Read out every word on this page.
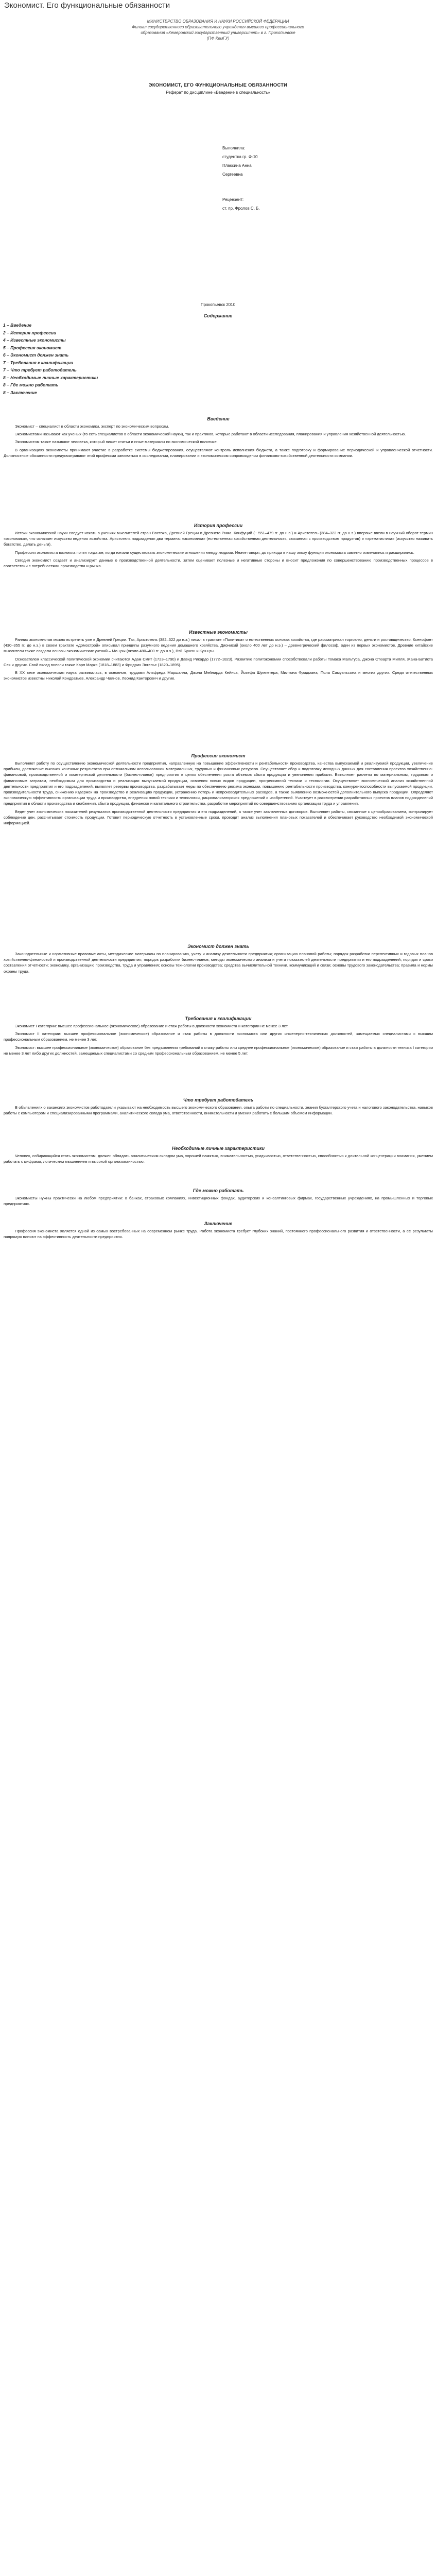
Экономист. Его функциональные обязанности
МИНИСТЕРСТВО ОБРАЗОВАНИЯ И НАУКИ РОССИЙСКОЙ ФЕДЕРАЦИИ
Филиал государственного образовательного учреждения высшего профессионального
образования «Кемеровский государственный университет» в г. Прокопьевске
(ПФ КемГУ)
ЭКОНОМИСТ, ЕГО ФУНКЦИОНАЛЬНЫЕ ОБЯЗАННОСТИ
Реферат по дисциплине «Введение в специальность»
Выполнила:
студентка гр. Ф-10
Плаксина Анна
Сергеевна
Рецензент:
ст. пр. Фролов С. Б.
Прокопьевск 2010
Содержание
1 – Введение
2 – История профессии
4 – Известные экономисты
5 – Профессия экономист
6 – Экономист должен знать
7 – Требования к квалификации
7 – Что требует работодатель
8 – Необходимые личные характеристики
8 – Где можно работать
8 – Заключение
Введение

Экономист – специалист в области экономики, эксперт по экономическим вопросам.

Экономистами называют как учёных (то есть специалистов в области экономической науки), так и практиков, которые работают в области исследования, планирования и управления хозяйственной деятельностью.

Экономистом также называют человека, который пишет статьи и иные материалы по экономической политике.

В организациях экономисты принимают участие в разработке системы бюджетирования, осуществляют контроль исполнения бюджета, а также подготовку и формирование периодической и управленческой отчетности. Должностные обязанности предусматривают этой профессии заниматься в исследовании, планировании и экономическом сопровождении финансово-хозяйственной деятельности компании.

История профессии

Истоки экономической науки следует искать в учениях мыслителей стран Востока, Древней Греции и Древнего Рима. Конфуций (~ 551–479 гг. до н.э.) и Аристотель (384–322 гг. до н.э.) впервые ввели в научный оборот термин «экономика», что означает искусство ведения хозяйства. Аристотель подразделял два термина: «экономика» (естественная хозяйственная деятельность, связанная с производством продуктов) и «хрематистика» (искусство наживать богатство, делать деньги).

Профессия экономиста возникла почти тогда же, когда начали существовать экономические отношения между людьми. Иначе говоря, до прихода в нашу эпоху функции экономиста заметно изменились и расширились.

Сегодня экономист создаёт и анализирует данные о производственной деятельности, затем оценивает полезные и негативные стороны и вносит предложения по совершенствованию производственных процессов в соответствии с потребностями производства и рынка.

Известные экономисты

Ранних экономистов можно встретить уже в Древней Греции. Так, Аристотель (382–322 до н.э.) писал в трактате «Политика» о естественных основах хозяйства, где рассматривал торговлю, деньги и ростовщичество. Ксенофонт (430–355 гг. до н.э.) в своем трактате «Домострой» описывал принципы разумного ведения домашнего хозяйства. Дионисий (около 400 лет до н.э.) – древнегреческий философ, один из первых экономистов. Древние китайские мыслители также создали основы экономических учений – Мо-цзы (около 480–400 гг. до н.э.), Вэй Бушэн и Кун-цзы.

Основателем классической политической экономии считаются Адам Смит (1723–1790) и Давид Рикардо (1772–1823). Развитию политэкономии способствовали работы Томаса Мальтуса, Джона Стюарта Милля, Жана-Батиста Сэя и других. Свой вклад внесли также Карл Маркс (1818–1883) и Фридрих Энгельс (1820–1895).

В XX веке экономическая наука развивалась, в основном, трудами Альфреда Маршалла, Джона Мейнарда Кейнса, Йозефа Шумпетера, Милтона Фридмана, Пола Самуэльсона и многих других. Среди отечественных экономистов известны Николай Кондратьев, Александр Чаянов, Леонид Канторович и другие.

Профессия экономист

Выполняет работу по осуществлению экономической деятельности предприятия, направленную на повышение эффективности и рентабельности производства, качества выпускаемой и реализуемой продукции, увеличение прибыли, достижение высоких конечных результатов при оптимальном использовании материальных, трудовых и финансовых ресурсов. Осуществляет сбор и подготовку исходных данных для составления проектов хозяйственно-финансовой, производственной и коммерческой деятельности (бизнес-планов) предприятия в целях обеспечения роста объемов сбыта продукции и увеличения прибыли. Выполняет расчеты по материальным, трудовым и финансовым затратам, необходимым для производства и реализации выпускаемой продукции, освоения новых видов продукции, прогрессивной техники и технологии. Осуществляет экономический анализ хозяйственной деятельности предприятия и его подразделений, выявляет резервы производства, разрабатывает меры по обеспечению режима экономии, повышению рентабельности производства, конкурентоспособности выпускаемой продукции, производительности труда, снижению издержек на производство и реализацию продукции, устранению потерь и непроизводительных расходов, а также выявлению возможностей дополнительного выпуска продукции. Определяет экономическую эффективность организации труда и производства, внедрения новой техники и технологии, рационализаторских предложений и изобретений. Участвует в рассмотрении разработанных проектов планов подразделений предприятия в области производства и снабжения, сбыта продукции, финансов и капитального строительства, разработке мероприятий по совершенствованию организации труда и управления.

Ведет учет экономических показателей результатов производственной деятельности предприятия и его подразделений, а также учет заключенных договоров. Выполняет работы, связанные с ценообразованием, контролирует соблюдение цен, рассчитывает стоимость продукции. Готовит периодическую отчетность в установленные сроки, проводит анализ выполнения плановых показателей и обеспечивает руководство необходимой экономической информацией.

Экономист должен знать

Законодательные и нормативные правовые акты, методические материалы по планированию, учету и анализу деятельности предприятия; организацию плановой работы; порядок разработки перспективных и годовых планов хозяйственно-финансовой и производственной деятельности предприятия; порядок разработки бизнес-планов; методы экономического анализа и учета показателей деятельности предприятия и его подразделений; порядок и сроки составления отчетности; экономику, организацию производства, труда и управления; основы технологии производства; средства вычислительной техники, коммуникаций и связи; основы трудового законодательства; правила и нормы охраны труда.

Требования к квалификации

Экономист I категории: высшее профессиональное (экономическое) образование и стаж работы в должности экономиста II категории не менее 3 лет.

Экономист II категории: высшее профессиональное (экономическое) образование и стаж работы в должности экономиста или других инженерно-технических должностей, замещаемых специалистами с высшим профессиональным образованием, не менее 3 лет.

Экономист: высшее профессиональное (экономическое) образование без предъявления требований к стажу работы или среднее профессиональное (экономическое) образование и стаж работы в должности техника I категории не менее 3 лет либо других должностей, замещаемых специалистами со средним профессиональным образованием, не менее 5 лет.

Что требует работодатель

В объявлениях о вакансиях экономистов работодатели указывают на необходимость высшего экономического образования, опыта работы по специальности, знания бухгалтерского учета и налогового законодательства, навыков работы с компьютером и специализированными программами, аналитического склада ума, ответственности, внимательности и умения работать с большим объемом информации.

Необходимые личные характеристики

Человек, собирающийся стать экономистом, должен обладать аналитическим складом ума, хорошей памятью, внимательностью, усидчивостью, ответственностью, способностью к длительной концентрации внимания, умением работать с цифрами, логическим мышлением и высокой организованностью.

Где можно работать

Экономисты нужны практически на любом предприятии: в банках, страховых компаниях, инвестиционных фондах, аудиторских и консалтинговых фирмах, государственных учреждениях, на промышленных и торговых предприятиях.

Заключение

Профессия экономиста является одной из самых востребованных на современном рынке труда. Работа экономиста требует глубоких знаний, постоянного профессионального развития и ответственности, а её результаты напрямую влияют на эффективность деятельности предприятия.
